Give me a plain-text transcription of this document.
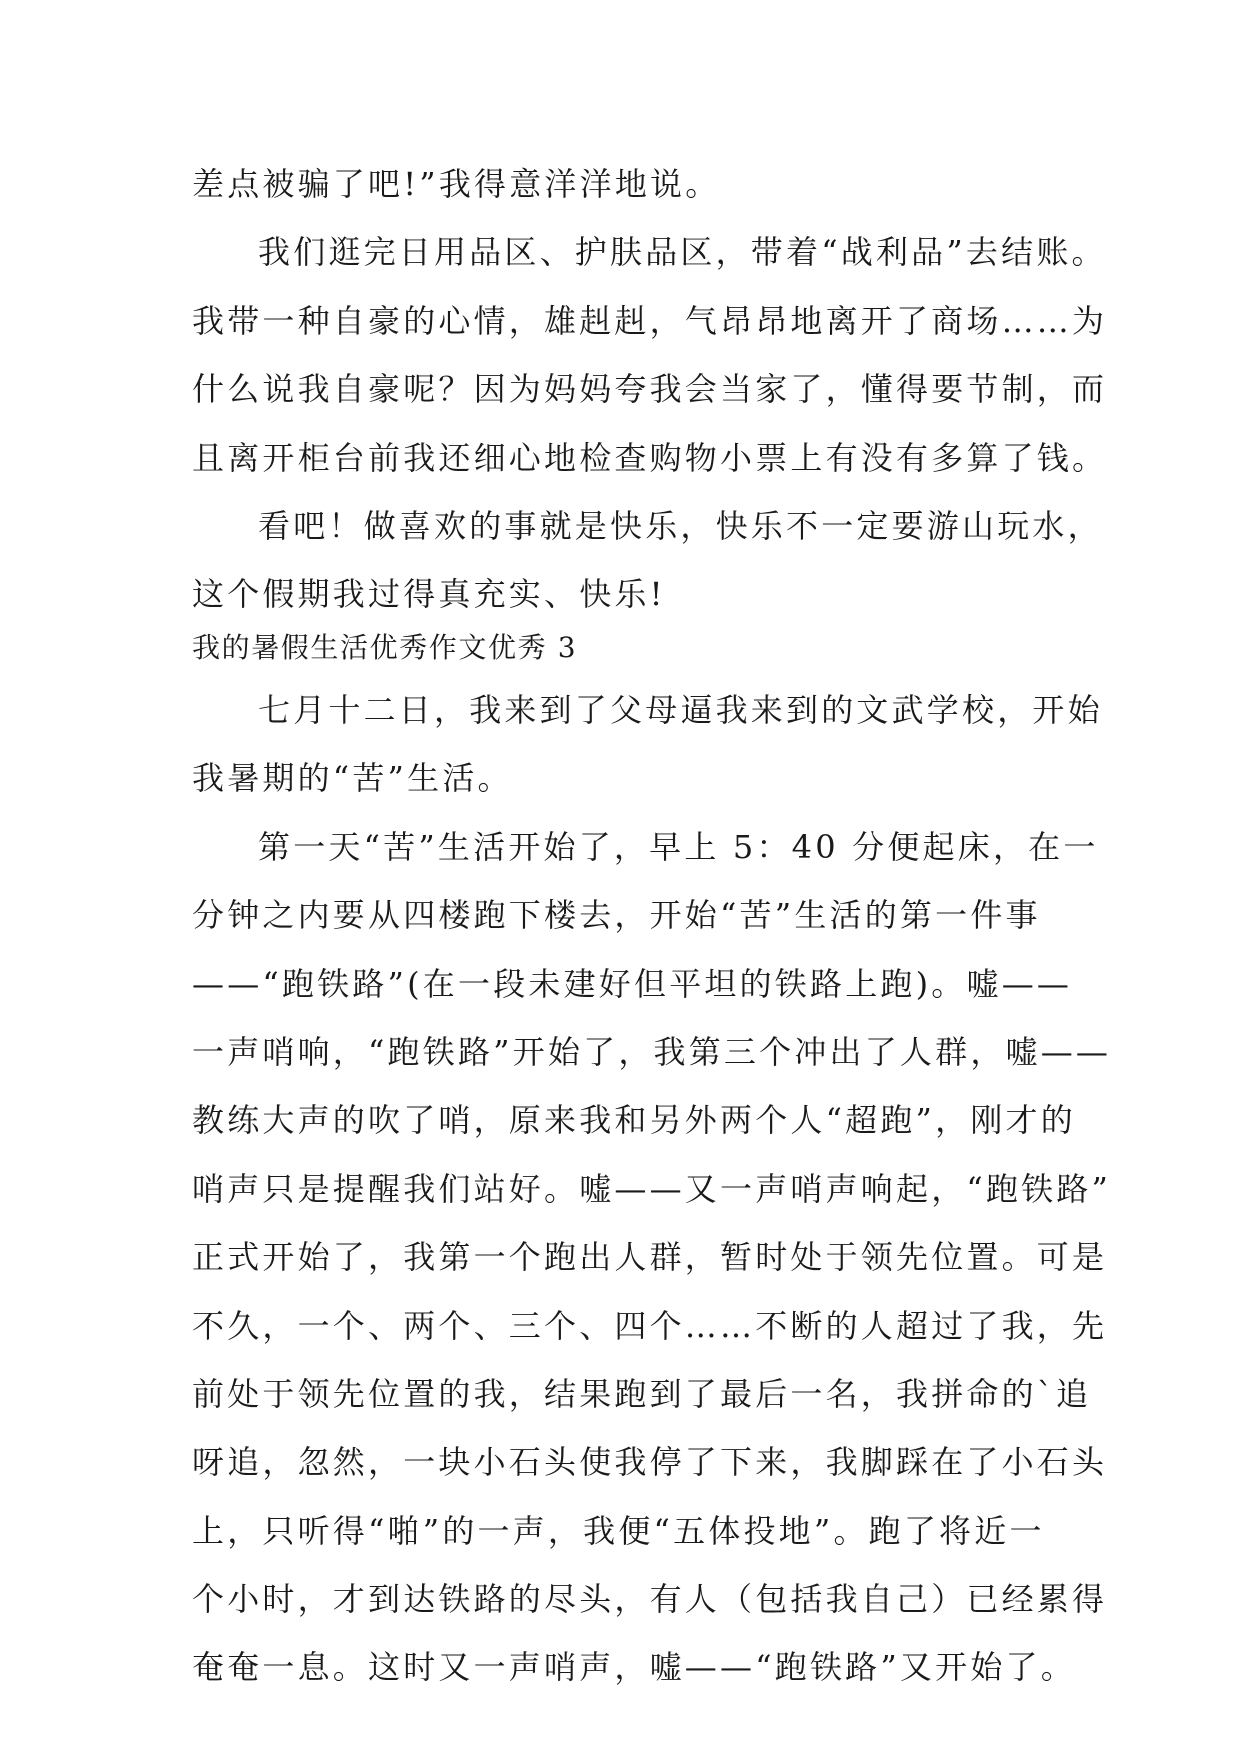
差点被骗了吧!”我得意洋洋地说。
我们逛完日用品区、护肤品区，带着“战利品”去结账。
我带一种自豪的心情，雄赳赳，气昂昂地离开了商场……为
什么说我自豪呢？因为妈妈夸我会当家了，懂得要节制，而
且离开柜台前我还细心地检查购物小票上有没有多算了钱。
看吧！做喜欢的事就是快乐，快乐不一定要游山玩水，
这个假期我过得真充实、快乐!
我的暑假生活优秀作文优秀 3
七月十二日，我来到了父母逼我来到的文武学校，开始
我暑期的“苦”生活。
第一天“苦”生活开始了，早上 5：40 分便起床，在一
分钟之内要从四楼跑下楼去，开始“苦”生活的第一件事
——“跑铁路”(在一段未建好但平坦的铁路上跑)。嘘——
一声哨响，“跑铁路”开始了，我第三个冲出了人群，嘘——
教练大声的吹了哨，原来我和另外两个人“超跑”，刚才的
哨声只是提醒我们站好。嘘——又一声哨声响起，“跑铁路”
正式开始了，我第一个跑出人群，暂时处于领先位置。可是
不久，一个、两个、三个、四个……不断的人超过了我，先
前处于领先位置的我，结果跑到了最后一名，我拼命的`追
呀追，忽然，一块小石头使我停了下来，我脚踩在了小石头
上，只听得“啪”的一声，我便“五体投地”。跑了将近一
个小时，才到达铁路的尽头，有人（包括我自己）已经累得
奄奄一息。这时又一声哨声，嘘——“跑铁路”又开始了。
